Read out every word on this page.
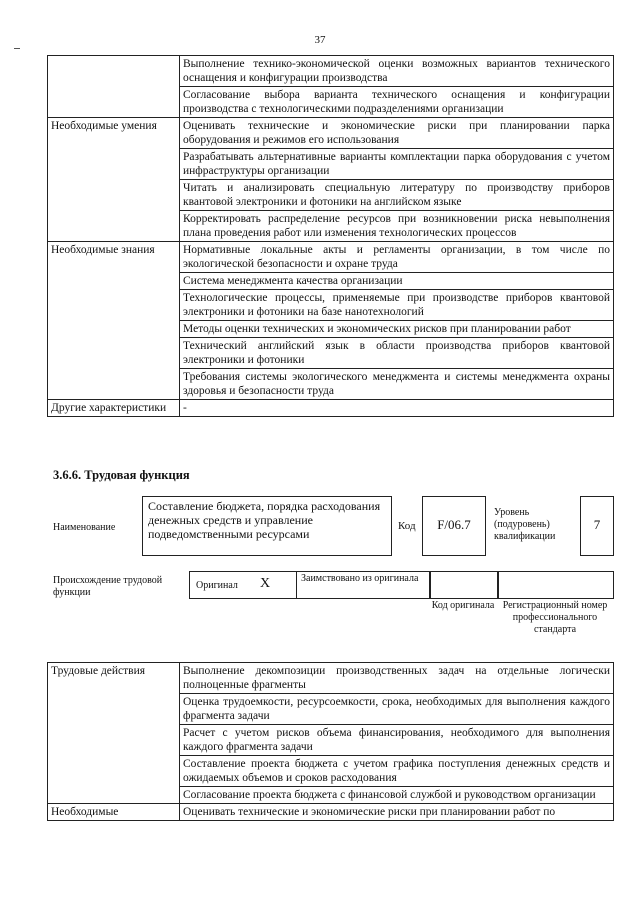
37
	Выполнение технико-экономической оценки возможных вариантов технического оснащения и конфигурации производства
	Согласование выбора варианта технического оснащения и конфигурации производства с технологическими подразделениями организации
Необходимые умения	Оценивать технические и экономические риски при планировании парка оборудования и режимов его использования
	Разрабатывать альтернативные варианты комплектации парка оборудования с учетом инфраструктуры организации
	Читать и анализировать специальную литературу по производству приборов квантовой электроники и фотоники на английском языке
	Корректировать распределение ресурсов при возникновении риска невыполнения плана проведения работ или изменения технологических процессов
Необходимые знания	Нормативные локальные акты и регламенты организации, в том числе по экологической безопасности и охране труда
	Система менеджмента качества организации
	Технологические процессы, применяемые при производстве приборов квантовой электроники и фотоники на базе нанотехнологий
	Методы оценки технических и экономических рисков при планировании работ
	Технический английский язык в области производства приборов квантовой электроники и фотоники
	Требования системы экологического менеджмента и системы менеджмента охраны здоровья и безопасности труда
Другие характеристики	-
3.6.6. Трудовая функция
Наименование
Составление бюджета, порядка расходования денежных средств и управление подведомственными ресурсами
Код	F/06.7
Уровень (подуровень) квалификации
7
Происхождение трудовой функции
Оригинал	X	Заимствовано из оригинала
Код оригинала Регистрационный номер профессионального стандарта
Трудовые действия	Выполнение декомпозиции производственных задач на отдельные логически полноценные фрагменты
	Оценка трудоемкости, ресурсоемкости, срока, необходимых для выполнения каждого фрагмента задачи
	Расчет с учетом рисков объема финансирования, необходимого для выполнения каждого фрагмента задачи
	Составление проекта бюджета с учетом графика поступления денежных средств и ожидаемых объемов и сроков расходования
	Согласование проекта бюджета с финансовой службой и руководством организации
Необходимые	Оценивать технические и экономические риски при планировании работ по
